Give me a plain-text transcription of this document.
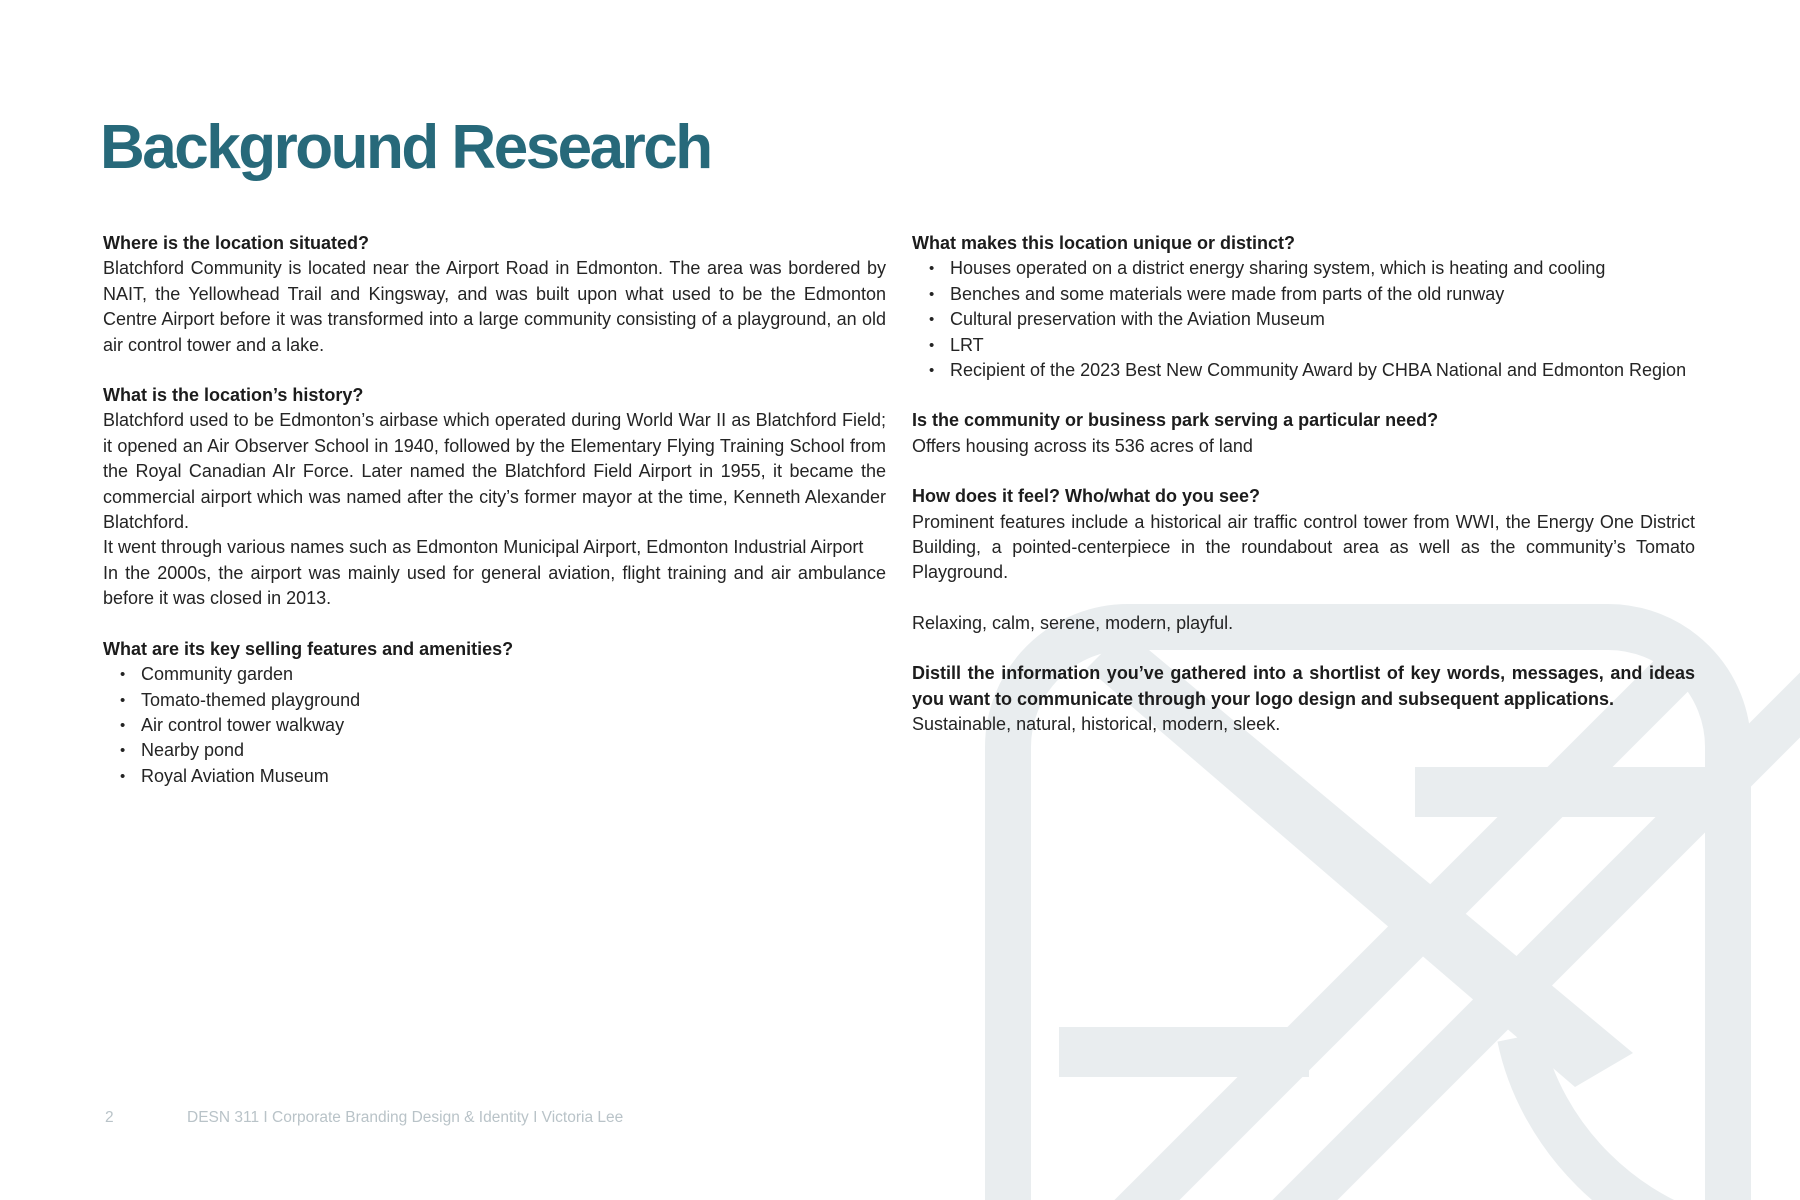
Background Research

Where is the location situated?

Blatchford Community is located near the Airport Road in Edmonton. The area was bordered by NAIT, the Yellowhead Trail and Kingsway, and was built upon what used to be the Edmonton Centre Airport before it was transformed into a large community consisting of a playground, an old air control tower and a lake.

What is the location’s history?

Blatchford used to be Edmonton’s airbase which operated during World War II as Blatchford Field; it opened an Air Observer School in 1940, followed by the Elementary Flying Training School from the Royal Canadian AIr Force. Later named the Blatchford Field Airport in 1955, it became the commercial airport which was named after the city’s former mayor at the time, Kenneth Alexander Blatchford.

It went through various names such as Edmonton Municipal Airport, Edmonton Industrial Airport

In the 2000s, the airport was mainly used for general aviation, flight training and air ambulance before it was closed in 2013.

What are its key selling features and amenities?

• Community garden
• Tomato-themed playground
• Air control tower walkway
• Nearby pond
• Royal Aviation Museum

What makes this location unique or distinct?

• Houses operated on a district energy sharing system, which is heating and cooling
• Benches and some materials were made from parts of the old runway
• Cultural preservation with the Aviation Museum
• LRT
• Recipient of the 2023 Best New Community Award by CHBA National and Edmonton Region

Is the community or business park serving a particular need?

Offers housing across its 536 acres of land

How does it feel? Who/what do you see?

Prominent features include a historical air traffic control tower from WWI, the Energy One District Building, a pointed-centerpiece in the roundabout area as well as the community’s Tomato Playground.

Relaxing, calm, serene, modern, playful.

Distill the information you’ve gathered into a shortlist of key words, messages, and ideas you want to communicate through your logo design and subsequent applications.

Sustainable, natural, historical, modern, sleek.

2	DESN 311 I Corporate Branding Design & Identity I Victoria Lee
